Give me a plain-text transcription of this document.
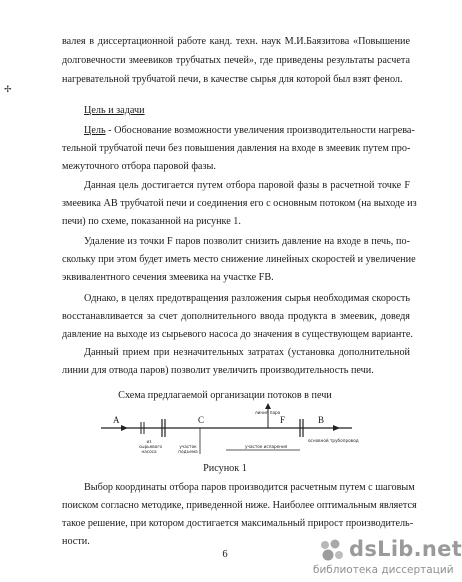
валея в диссертационной работе канд. техн. наук М.И.Баязитова «Повышение
долговечности змеевиков трубчатых печей», где приведены результаты расчета
нагревательной трубчатой печи, в качестве сырья для которой был взят фенол.
✢
Цель и задачи
Цель - Обоснование возможности увеличения производительности нагрева-
тельной трубчатой печи без повышения давления на входе в змеевик путем про-
межуточного отбора паровой фазы.
Данная цель достигается путем отбора паровой фазы в расчетной точке F
змеевика АВ трубчатой печи и соединения его с основным потоком (на выходе из
печи) по схеме, показанной на рисунке 1.
Удаление из точки F паров позволит снизить давление на входе в печь, по-
скольку при этом будет иметь место снижение линейных скоростей и увеличение
эквивалентного сечения змеевика на участке FB.
Однако, в целях предотвращения разложения сырья необходимая скорость
восстанавливается за счет дополнительного ввода продукта в змеевик, доведя
давление на выходе из сырьевого насоса до значения в существующем варианте.
Данный прием при незначительных затратах (установка дополнительной
линии для отвода паров) позволит увеличить производительность печи.
Схема предлагаемой организации потоков в печи
A	C	F	B
из сырьевого насоса
участок подъема
линия пара
участок испарения
основной трубопровод
Рисунок 1
Выбор координаты отбора паров производится расчетным путем с шаговым
поиском согласно методике, приведенной ниже. Наиболее оптимальным является
такое решение, при котором достигается максимальный прирост производитель-
ности.
6	dsLib.net
библиотека диссертаций
